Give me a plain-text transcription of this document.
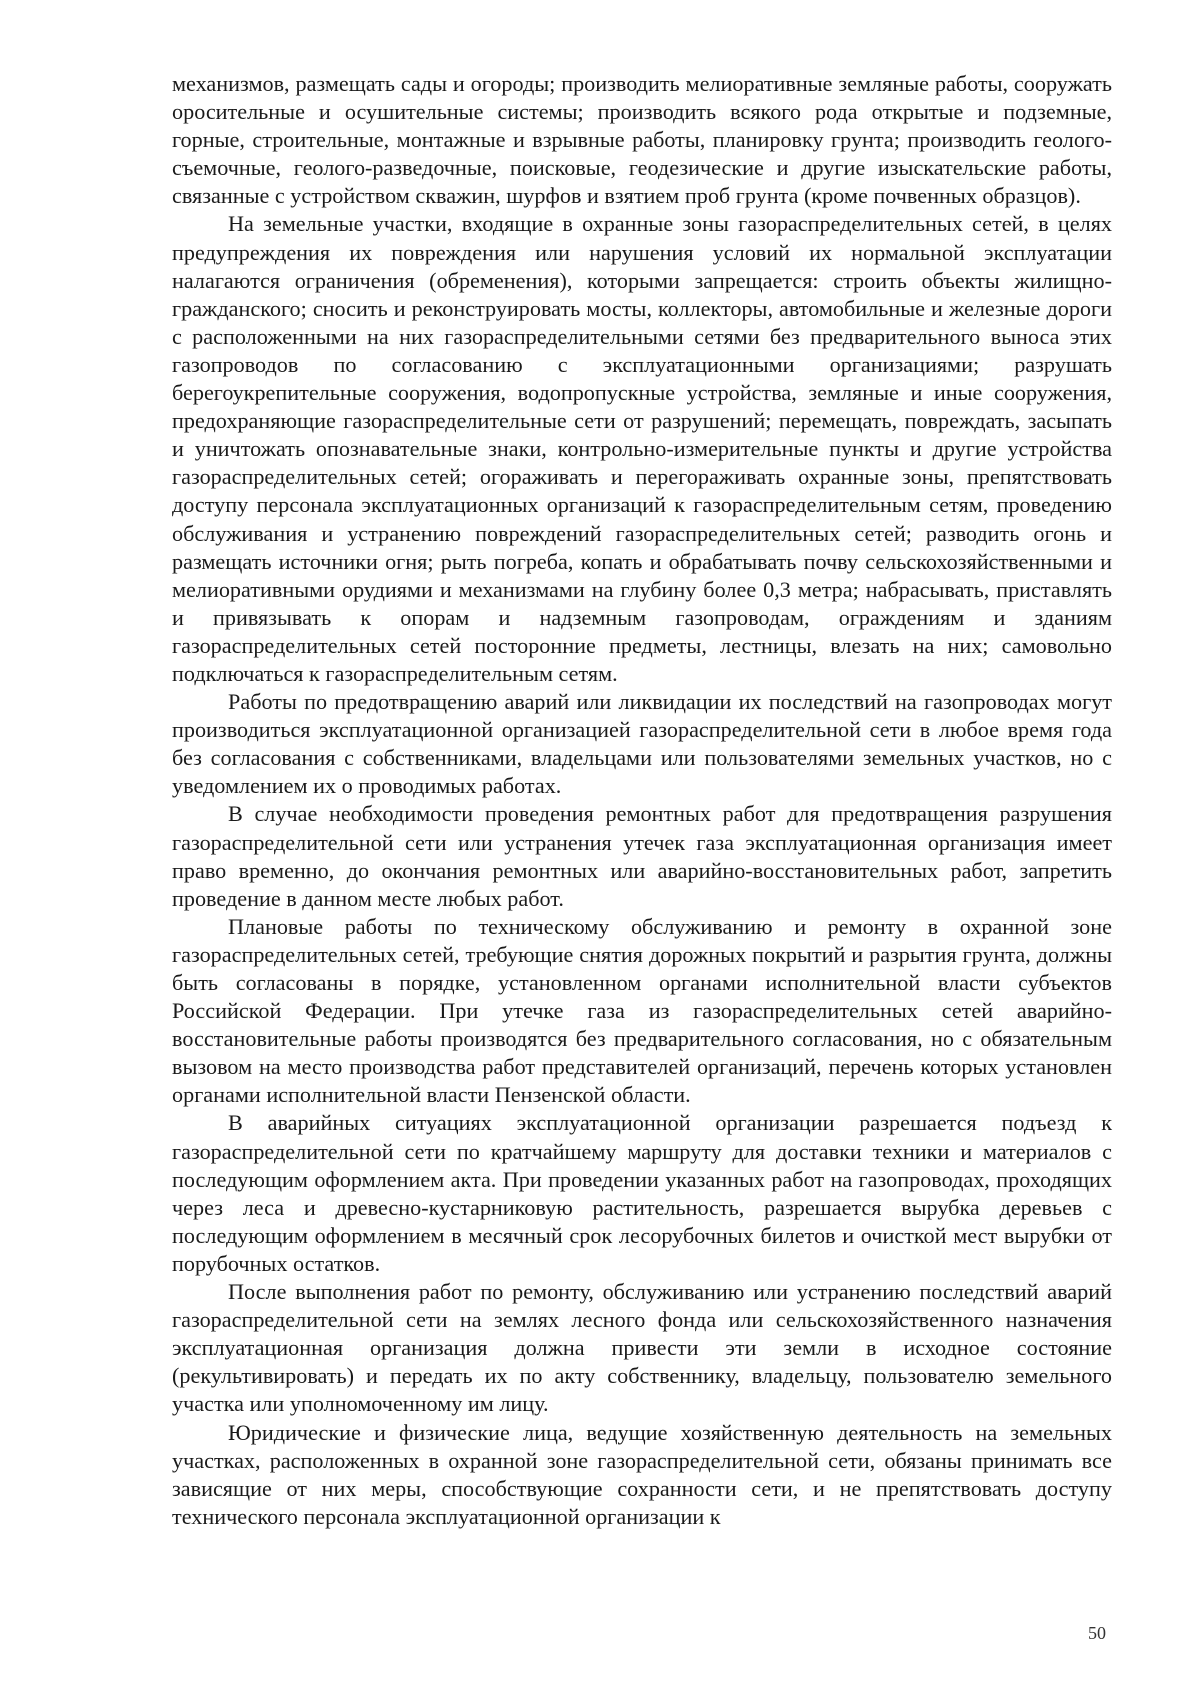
механизмов, размещать сады и огороды; производить мелиоративные земляные работы, сооружать оросительные и осушительные системы; производить всякого рода открытые и подземные, горные, строительные, монтажные и взрывные работы, планировку грунта; производить геолого-съемочные, геолого-разведочные, поисковые, геодезические и другие изыскательские работы, связанные с устройством скважин, шурфов и взятием проб грунта (кроме почвенных образцов).

На земельные участки, входящие в охранные зоны газораспределительных сетей, в целях предупреждения их повреждения или нарушения условий их нормальной эксплуатации налагаются ограничения (обременения), которыми запрещается: строить объекты жилищно-гражданского; сносить и реконструировать мосты, коллекторы, автомобильные и железные дороги с расположенными на них газораспределительными сетями без предварительного выноса этих газопроводов по согласованию с эксплуатационными организациями; разрушать берегоукрепительные сооружения, водопропускные устройства, земляные и иные сооружения, предохраняющие газораспределительные сети от разрушений; перемещать, повреждать, засыпать и уничтожать опознавательные знаки, контрольно-измерительные пункты и другие устройства газораспределительных сетей; огораживать и перегораживать охранные зоны, препятствовать доступу персонала эксплуатационных организаций к газораспределительным сетям, проведению обслуживания и устранению повреждений газораспределительных сетей; разводить огонь и размещать источники огня; рыть погреба, копать и обрабатывать почву сельскохозяйственными и мелиоративными орудиями и механизмами на глубину более 0,3 метра; набрасывать, приставлять и привязывать к опорам и надземным газопроводам, ограждениям и зданиям газораспределительных сетей посторонние предметы, лестницы, влезать на них; самовольно подключаться к газораспределительным сетям.

Работы по предотвращению аварий или ликвидации их последствий на газопроводах могут производиться эксплуатационной организацией газораспределительной сети в любое время года без согласования с собственниками, владельцами или пользователями земельных участков, но с уведомлением их о проводимых работах.

В случае необходимости проведения ремонтных работ для предотвращения разрушения газораспределительной сети или устранения утечек газа эксплуатационная организация имеет право временно, до окончания ремонтных или аварийно-восстановительных работ, запретить проведение в данном месте любых работ.

Плановые работы по техническому обслуживанию и ремонту в охранной зоне газораспределительных сетей, требующие снятия дорожных покрытий и разрытия грунта, должны быть согласованы в порядке, установленном органами исполнительной власти субъектов Российской Федерации. При утечке газа из газораспределительных сетей аварийно-восстановительные работы производятся без предварительного согласования, но с обязательным вызовом на место производства работ представителей организаций, перечень которых установлен органами исполнительной власти Пензенской области.

В аварийных ситуациях эксплуатационной организации разрешается подъезд к газораспределительной сети по кратчайшему маршруту для доставки техники и материалов с последующим оформлением акта. При проведении указанных работ на газопроводах, проходящих через леса и древесно-кустарниковую растительность, разрешается вырубка деревьев с последующим оформлением в месячный срок лесорубочных билетов и очисткой мест вырубки от порубочных остатков.

После выполнения работ по ремонту, обслуживанию или устранению последствий аварий газораспределительной сети на землях лесного фонда или сельскохозяйственного назначения эксплуатационная организация должна привести эти земли в исходное состояние (рекультивировать) и передать их по акту собственнику, владельцу, пользователю земельного участка или уполномоченному им лицу.

Юридические и физические лица, ведущие хозяйственную деятельность на земельных участках, расположенных в охранной зоне газораспределительной сети, обязаны принимать все зависящие от них меры, способствующие сохранности сети, и не препятствовать доступу технического персонала эксплуатационной организации к

50
